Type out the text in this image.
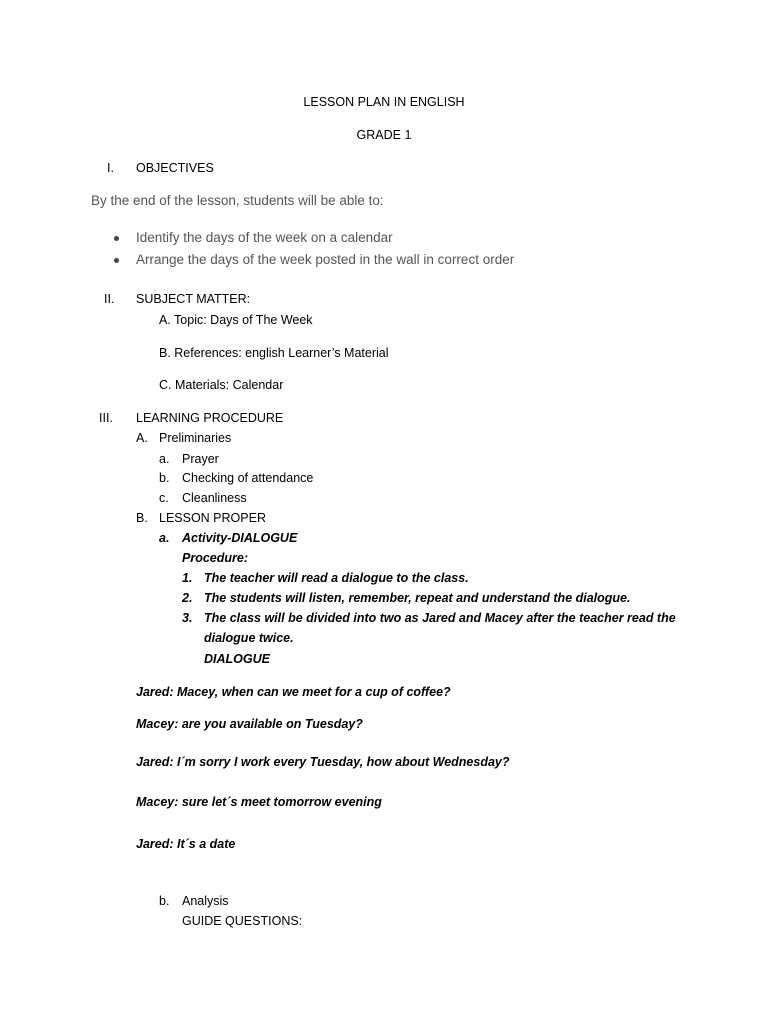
LESSON PLAN IN ENGLISH
GRADE 1
I. OBJECTIVES
By the end of the lesson, students will be able to:
Identify the days of the week on a calendar
Arrange the days of the week posted in the wall in correct order
II. SUBJECT MATTER:
A. Topic: Days of The Week
B. References: english Learner’s Material
C. Materials: Calendar
III. LEARNING PROCEDURE
A. Preliminaries
a. Prayer
b. Checking of attendance
c. Cleanliness
B. LESSON PROPER
a. Activity-DIALOGUE
Procedure:
1. The teacher will read a dialogue to the class.
2. The students will listen, remember, repeat and understand the dialogue.
3. The class will be divided into two as Jared and Macey after the teacher read the
dialogue twice.
DIALOGUE
Jared: Macey, when can we meet for a cup of coffee?
Macey: are you available on Tuesday?
Jared: I´m sorry I work every Tuesday, how about Wednesday?
Macey: sure let´s meet tomorrow evening
Jared: It´s a date
b. Analysis
GUIDE QUESTIONS:
